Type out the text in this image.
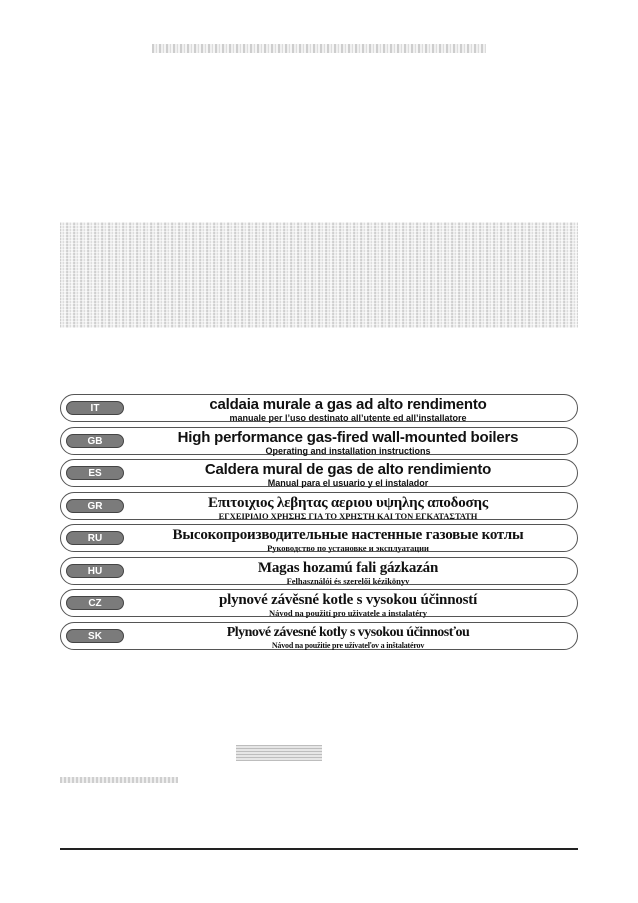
IT	caldaia murale a gas ad alto rendimento
manuale per l’uso destinato all’utente ed all’installatore
GB	High performance gas-fired wall-mounted boilers
Operating and installation instructions
ES	Caldera mural de gas de alto rendimiento
Manual para el usuario y el instalador
GR	Επιτοιχιος λεβητας αεριου υψηλης αποδοσης
ΕΓΧΕΙΡΙΔΙΟ ΧΡΗΣΗΣ ΓΙΑ ΤΟ ΧΡΗΣΤΗ ΚΑΙ ΤΟΝ ΕΓΚΑΤΑΣΤΑΤΗ
RU	Высокопроизводительные настенные газовые котлы
Руководство по установке и эксплуатации
HU	Magas hozamú fali gázkazán
Felhasználói és szerelői kézikönyv
CZ	plynové závěsné kotle s vysokou účinností
Návod na použití pro uživatele a instalatéry
SK	Plynové závesné kotly s vysokou účinnosťou
Návod na použitie pre užívateľov a inštalatérov
